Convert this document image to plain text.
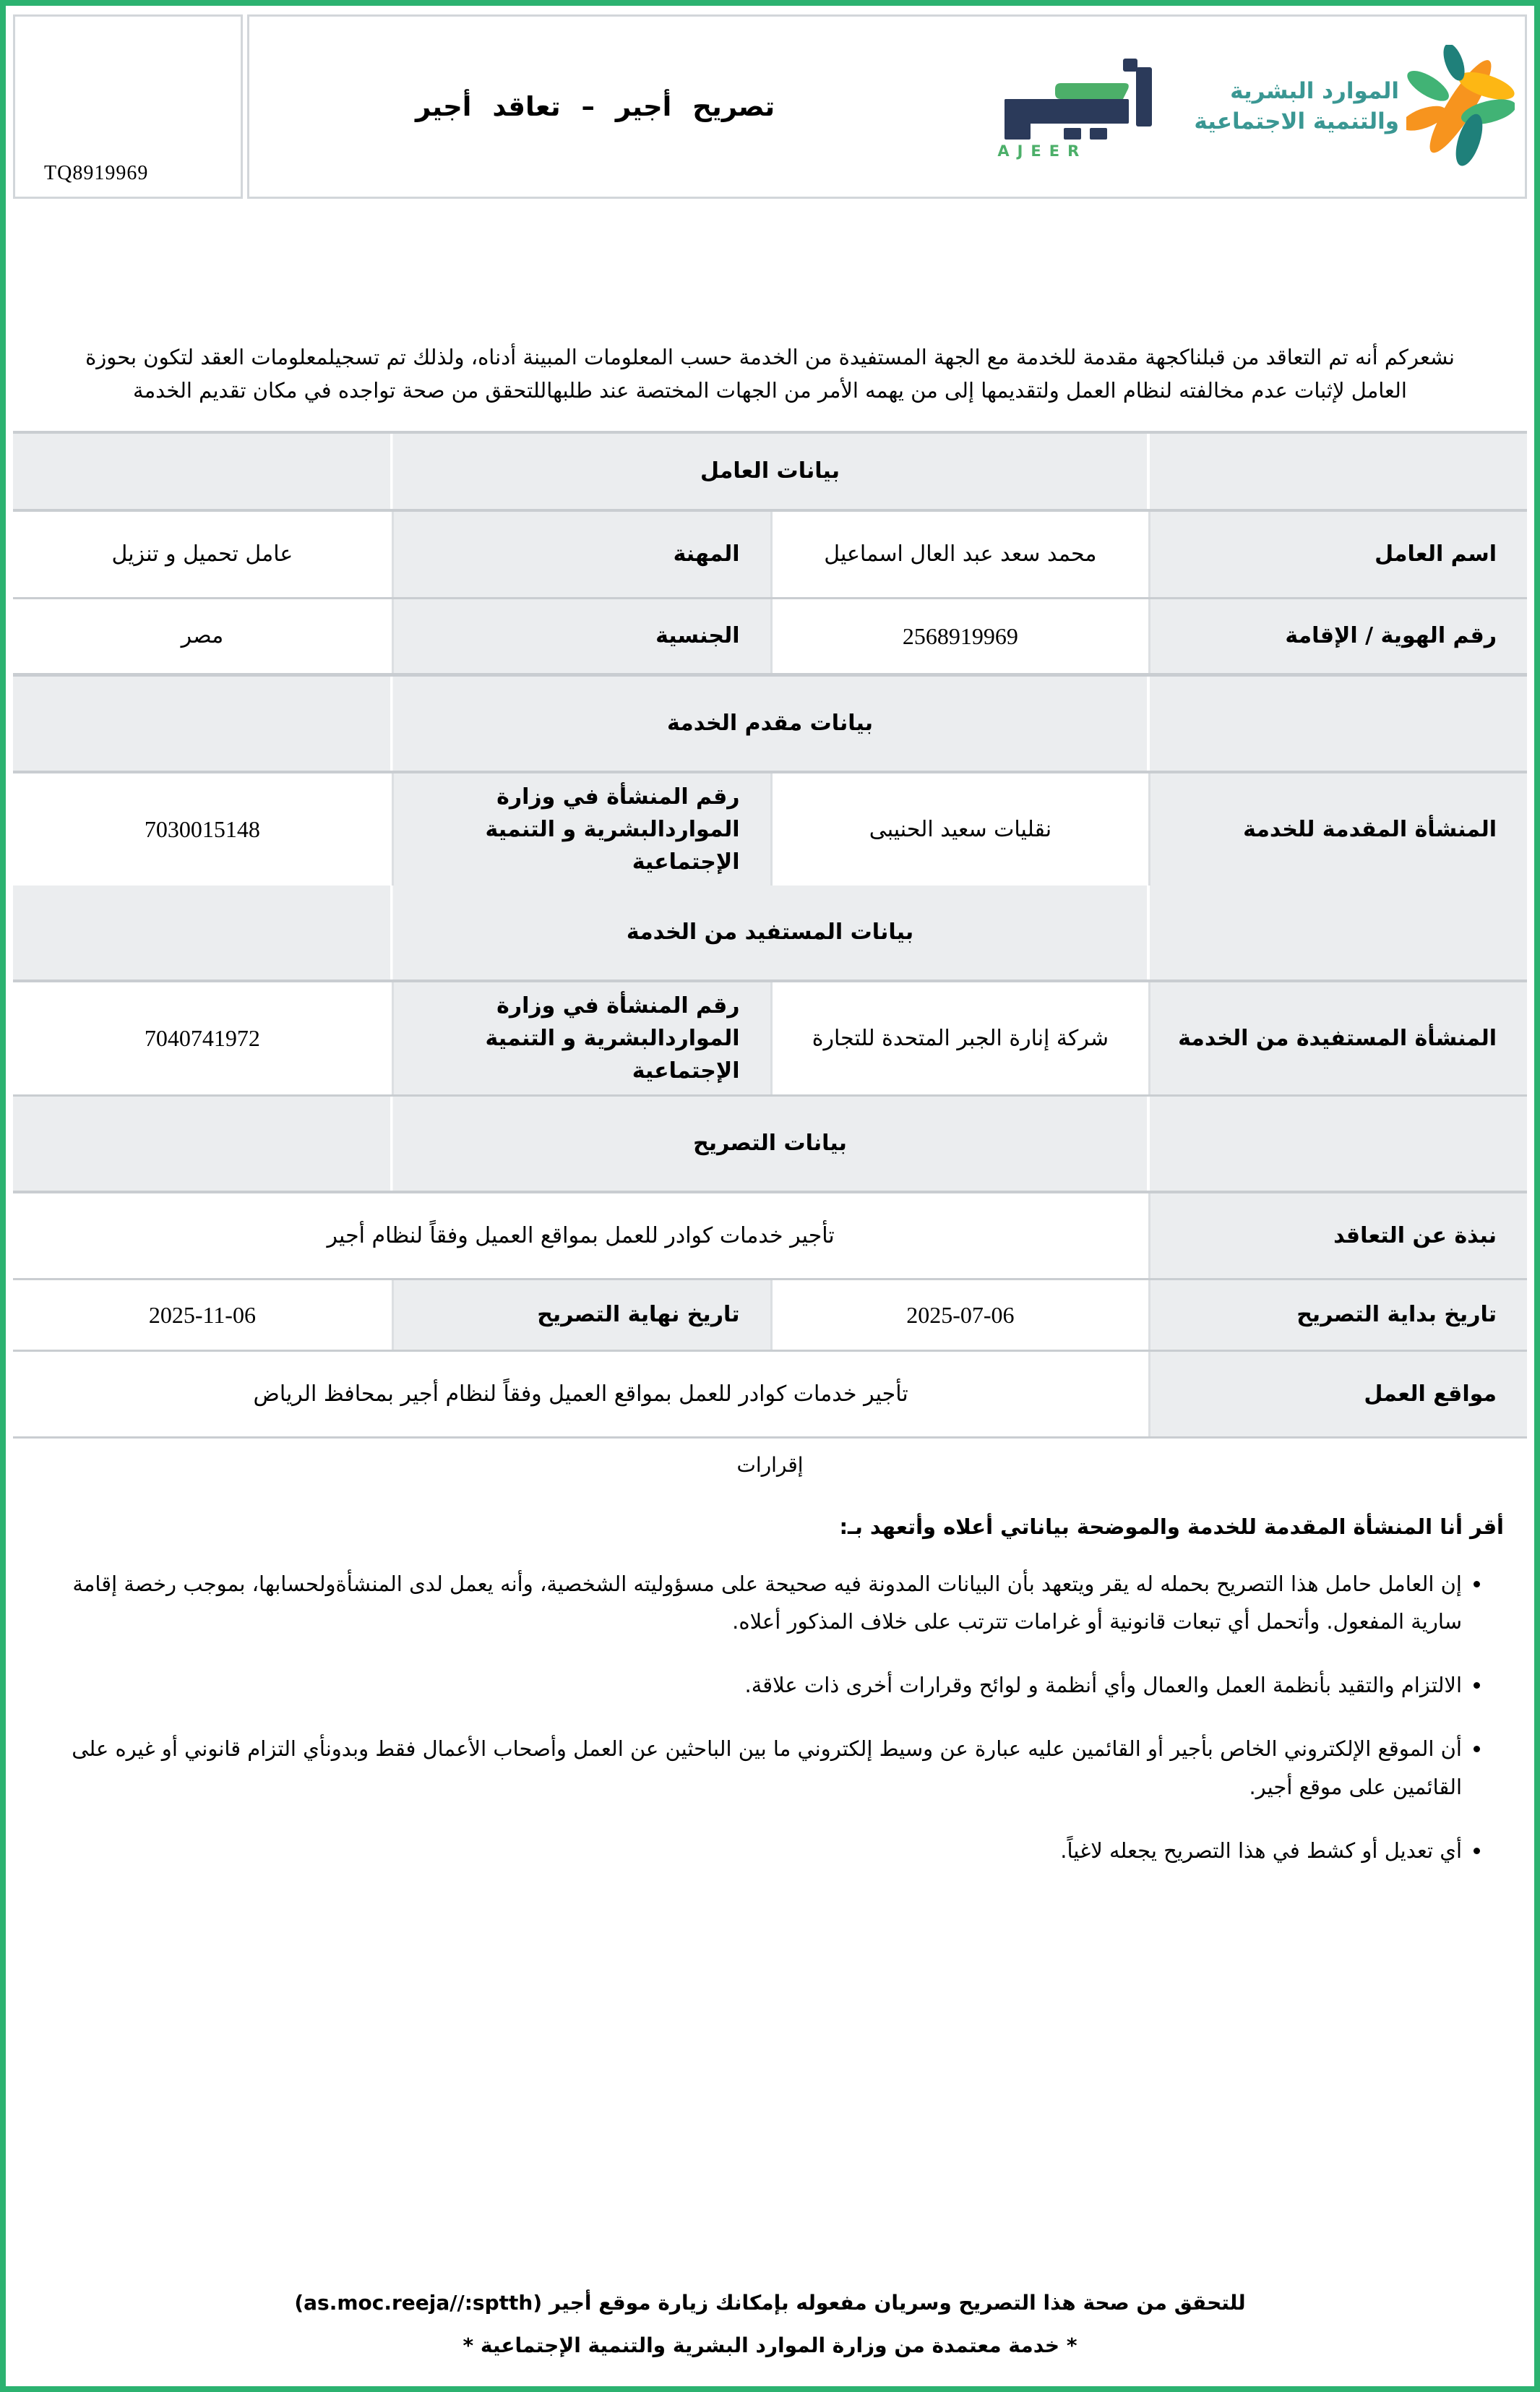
TQ8919969
تصريح أجير – تعاقد أجير
AJEER
الموارد البشرية
والتنمية الاجتماعية

نشعركم أنه تم التعاقد من قبلناكجهة مقدمة للخدمة مع الجهة المستفيدة من الخدمة حسب المعلومات المبينة أدناه، ولذلك تم تسجيلمعلومات العقد لتكون بحوزة العامل لإثبات عدم مخالفته لنظام العمل ولتقديمها إلى من يهمه الأمر من الجهات المختصة عند طلبهاللتحقق من صحة تواجده في مكان تقديم الخدمة

بيانات العامل
اسم العامل
محمد سعد عبد العال اسماعيل
المهنة
عامل تحميل و تنزيل
رقم الهوية / الإقامة
2568919969
الجنسية
مصر
بيانات مقدم الخدمة
المنشأة المقدمة للخدمة
نقليات سعيد الحنيبى
رقم المنشأة في وزارة المواردالبشرية و التنمية الإجتماعية
7030015148
بيانات المستفيد من الخدمة
المنشأة المستفيدة من الخدمة
شركة إنارة الجبر المتحدة للتجارة
رقم المنشأة في وزارة المواردالبشرية و التنمية الإجتماعية
7040741972
بيانات التصريح
نبذة عن التعاقد
تأجير خدمات كوادر للعمل بمواقع العميل وفقاً لنظام أجير
تاريخ بداية التصريح
2025-07-06
تاريخ نهاية التصريح
2025-11-06
مواقع العمل
تأجير خدمات كوادر للعمل بمواقع العميل وفقاً لنظام أجير بمحافظ الرياض
إقرارات

أقر أنا المنشأة المقدمة للخدمة والموضحة بياناتي أعلاه وأتعهد بـ:

• إن العامل حامل هذا التصريح بحمله له يقر ويتعهد بأن البيانات المدونة فيه صحيحة على مسؤوليته الشخصية، وأنه يعمل لدى المنشأةولحسابها، بموجب رخصة إقامة سارية المفعول. وأتحمل أي تبعات قانونية أو غرامات تترتب على خلاف المذكور أعلاه.
• الالتزام والتقيد بأنظمة العمل والعمال وأي أنظمة و لوائح وقرارات أخرى ذات علاقة.
• أن الموقع الإلكتروني الخاص بأجير أو القائمين عليه عبارة عن وسيط إلكتروني ما بين الباحثين عن العمل وأصحاب الأعمال فقط وبدونأي التزام قانوني أو غيره على القائمين على موقع أجير.
• أي تعديل أو كشط في هذا التصريح يجعله لاغياً.
للتحقق من صحة هذا التصريح وسريان مفعوله بإمكانك زيارة موقع أجير (as.moc.reeja//:sptth)
* خدمة معتمدة من وزارة الموارد البشرية والتنمية الإجتماعية *
